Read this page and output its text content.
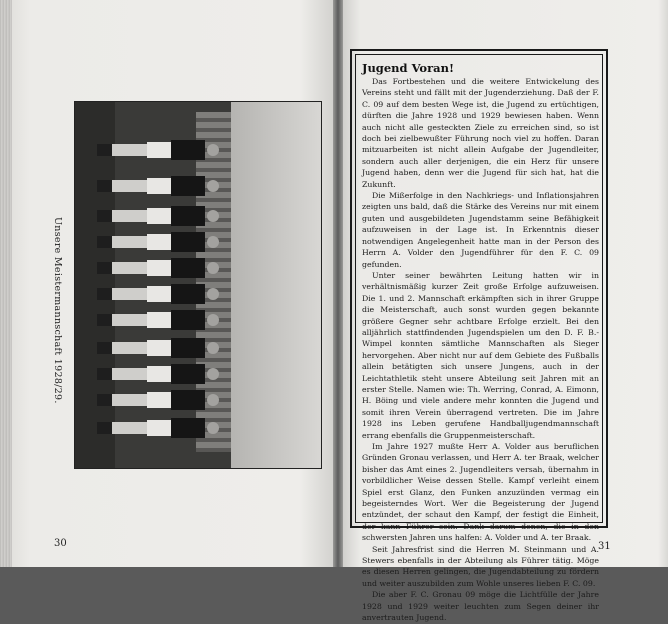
Unsere Meistermannschaft 1928/29.
30
Jugend Voran!

Das Fortbestehen und die weitere Entwickelung des Vereins steht und fällt mit der Jugenderziehung. Daß der F. C. 09 auf dem besten Wege ist, die Jugend zu ertüchtigen, dürften die Jahre 1928 und 1929 bewiesen haben. Wenn auch nicht alle gesteckten Ziele zu erreichen sind, so ist doch bei zielbewußter Führung noch viel zu hoffen. Daran mitzuarbeiten ist nicht allein Aufgabe der Jugendleiter, sondern auch aller derjenigen, die ein Herz für unsere Jugend haben, denn wer die Jugend für sich hat, hat die Zukunft.

Die Mißerfolge in den Nachkriegs- und Inflationsjahren zeigten uns bald, daß die Stärke des Vereins nur mit einem guten und ausgebildeten Jugendstamm seine Befähigkeit aufzuweisen in der Lage ist. In Erkenntnis dieser notwendigen Angelegenheit hatte man in der Person des Herrn A. Volder den Jugendführer für den F. C. 09 gefunden.

Unter seiner bewährten Leitung hatten wir in verhältnismäßig kurzer Zeit große Erfolge aufzuweisen. Die 1. und 2. Mannschaft erkämpften sich in ihrer Gruppe die Meisterschaft, auch sonst wurden gegen bekannte größere Gegner sehr achtbare Erfolge erzielt. Bei den alljährlich stattfindenden Jugendspielen um den D. F. B.-Wimpel konnten sämtliche Mannschaften als Sieger hervorgehen. Aber nicht nur auf dem Gebiete des Fußballs allein betätigten sich unsere Jungens, auch in der Leichtathletik steht unsere Abteilung seit Jahren mit an erster Stelle. Namen wie: Th. Werring, Conrad, A. Eimonn, H. Böing und viele andere mehr konnten die Jugend und somit ihren Verein überragend vertreten. Die im Jahre 1928 ins Leben gerufene Handballjugendmannschaft errang ebenfalls die Gruppenmeisterschaft.

Im Jahre 1927 mußte Herr A. Volder aus beruflichen Gründen Gronau verlassen, und Herr A. ter Braak, welcher bisher das Amt eines 2. Jugendleiters versah, übernahm in vorbildlicher Weise dessen Stelle. Kampf verleiht einem Spiel erst Glanz, den Funken anzuzünden vermag ein begeisterndes Wort. Wer die Begeisterung der Jugend entzündet, der schaut den Kampf, der festigt die Einheit, der kann Führer sein. Dank darum denen, die in den schwersten Jahren uns halfen: A. Volder und A. ter Braak.

Seit Jahresfrist sind die Herren M. Steinmann und A. Stewers ebenfalls in der Abteilung als Führer tätig. Möge es diesen Herren gelingen, die Jugendabteilung zu fördern und weiter auszubilden zum Wohle unseres lieben F. C. 09.

Die aber F. C. Gronau 09 möge die Lichtfülle der Jahre 1928 und 1929 weiter leuchten zum Segen deiner ihr anvertrauten Jugend.

31
